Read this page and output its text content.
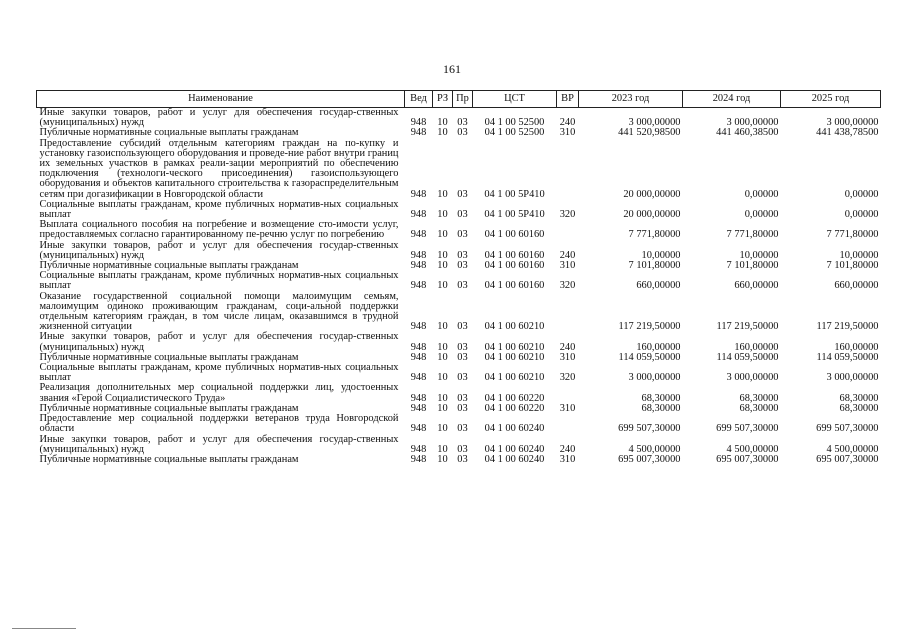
161
Наименование	Вед	РЗ	Пр	ЦСТ	ВР	2023 год	2024 год	2025 год
Иные закупки товаров, работ и услуг для обеспечения государ-ственных (муниципальных) нужд	948	10	03	04 1 00 52500	240	3 000,00000	3 000,00000	3 000,00000
Публичные нормативные социальные выплаты гражданам	948	10	03	04 1 00 52500	310	441 520,98500	441 460,38500	441 438,78500
Предоставление субсидий отдельным категориям граждан на по-купку и установку газоиспользующего оборудования и проведе-ние работ внутри границ их земельных участков в рамках реали-зации мероприятий по обеспечению подключения (технологи-ческого присоединения) газоиспользующего оборудования и объектов капитального строительства к газораспределительным сетям при догазификации в Новгородской области	948	10	03	04 1 00 5P410		20 000,00000	0,00000	0,00000
Социальные выплаты гражданам, кроме публичных норматив-ных социальных выплат	948	10	03	04 1 00 5P410	320	20 000,00000	0,00000	0,00000
Выплата социального пособия на погребение и возмещение сто-имости услуг, предоставляемых согласно гарантированному пе-речню услуг по погребению	948	10	03	04 1 00 60160		7 771,80000	7 771,80000	7 771,80000
Иные закупки товаров, работ и услуг для обеспечения государ-ственных (муниципальных) нужд	948	10	03	04 1 00 60160	240	10,00000	10,00000	10,00000
Публичные нормативные социальные выплаты гражданам	948	10	03	04 1 00 60160	310	7 101,80000	7 101,80000	7 101,80000
Социальные выплаты гражданам, кроме публичных норматив-ных социальных выплат	948	10	03	04 1 00 60160	320	660,00000	660,00000	660,00000
Оказание государственной социальной помощи малоимущим семьям, малоимущим одиноко проживающим гражданам, соци-альной поддержки отдельным категориям граждан, в том числе лицам, оказавшимся в трудной жизненной ситуации	948	10	03	04 1 00 60210		117 219,50000	117 219,50000	117 219,50000
Иные закупки товаров, работ и услуг для обеспечения государ-ственных (муниципальных) нужд	948	10	03	04 1 00 60210	240	160,00000	160,00000	160,00000
Публичные нормативные социальные выплаты гражданам	948	10	03	04 1 00 60210	310	114 059,50000	114 059,50000	114 059,50000
Социальные выплаты гражданам, кроме публичных норматив-ных социальных выплат	948	10	03	04 1 00 60210	320	3 000,00000	3 000,00000	3 000,00000
Реализация дополнительных мер социальной поддержки лиц, удостоенных звания «Герой Социалистического Труда»	948	10	03	04 1 00 60220		68,30000	68,30000	68,30000
Публичные нормативные социальные выплаты гражданам	948	10	03	04 1 00 60220	310	68,30000	68,30000	68,30000
Предоставление мер социальной поддержки ветеранов труда Новгородской области	948	10	03	04 1 00 60240		699 507,30000	699 507,30000	699 507,30000
Иные закупки товаров, работ и услуг для обеспечения государ-ственных (муниципальных) нужд	948	10	03	04 1 00 60240	240	4 500,00000	4 500,00000	4 500,00000
Публичные нормативные социальные выплаты гражданам	948	10	03	04 1 00 60240	310	695 007,30000	695 007,30000	695 007,30000
